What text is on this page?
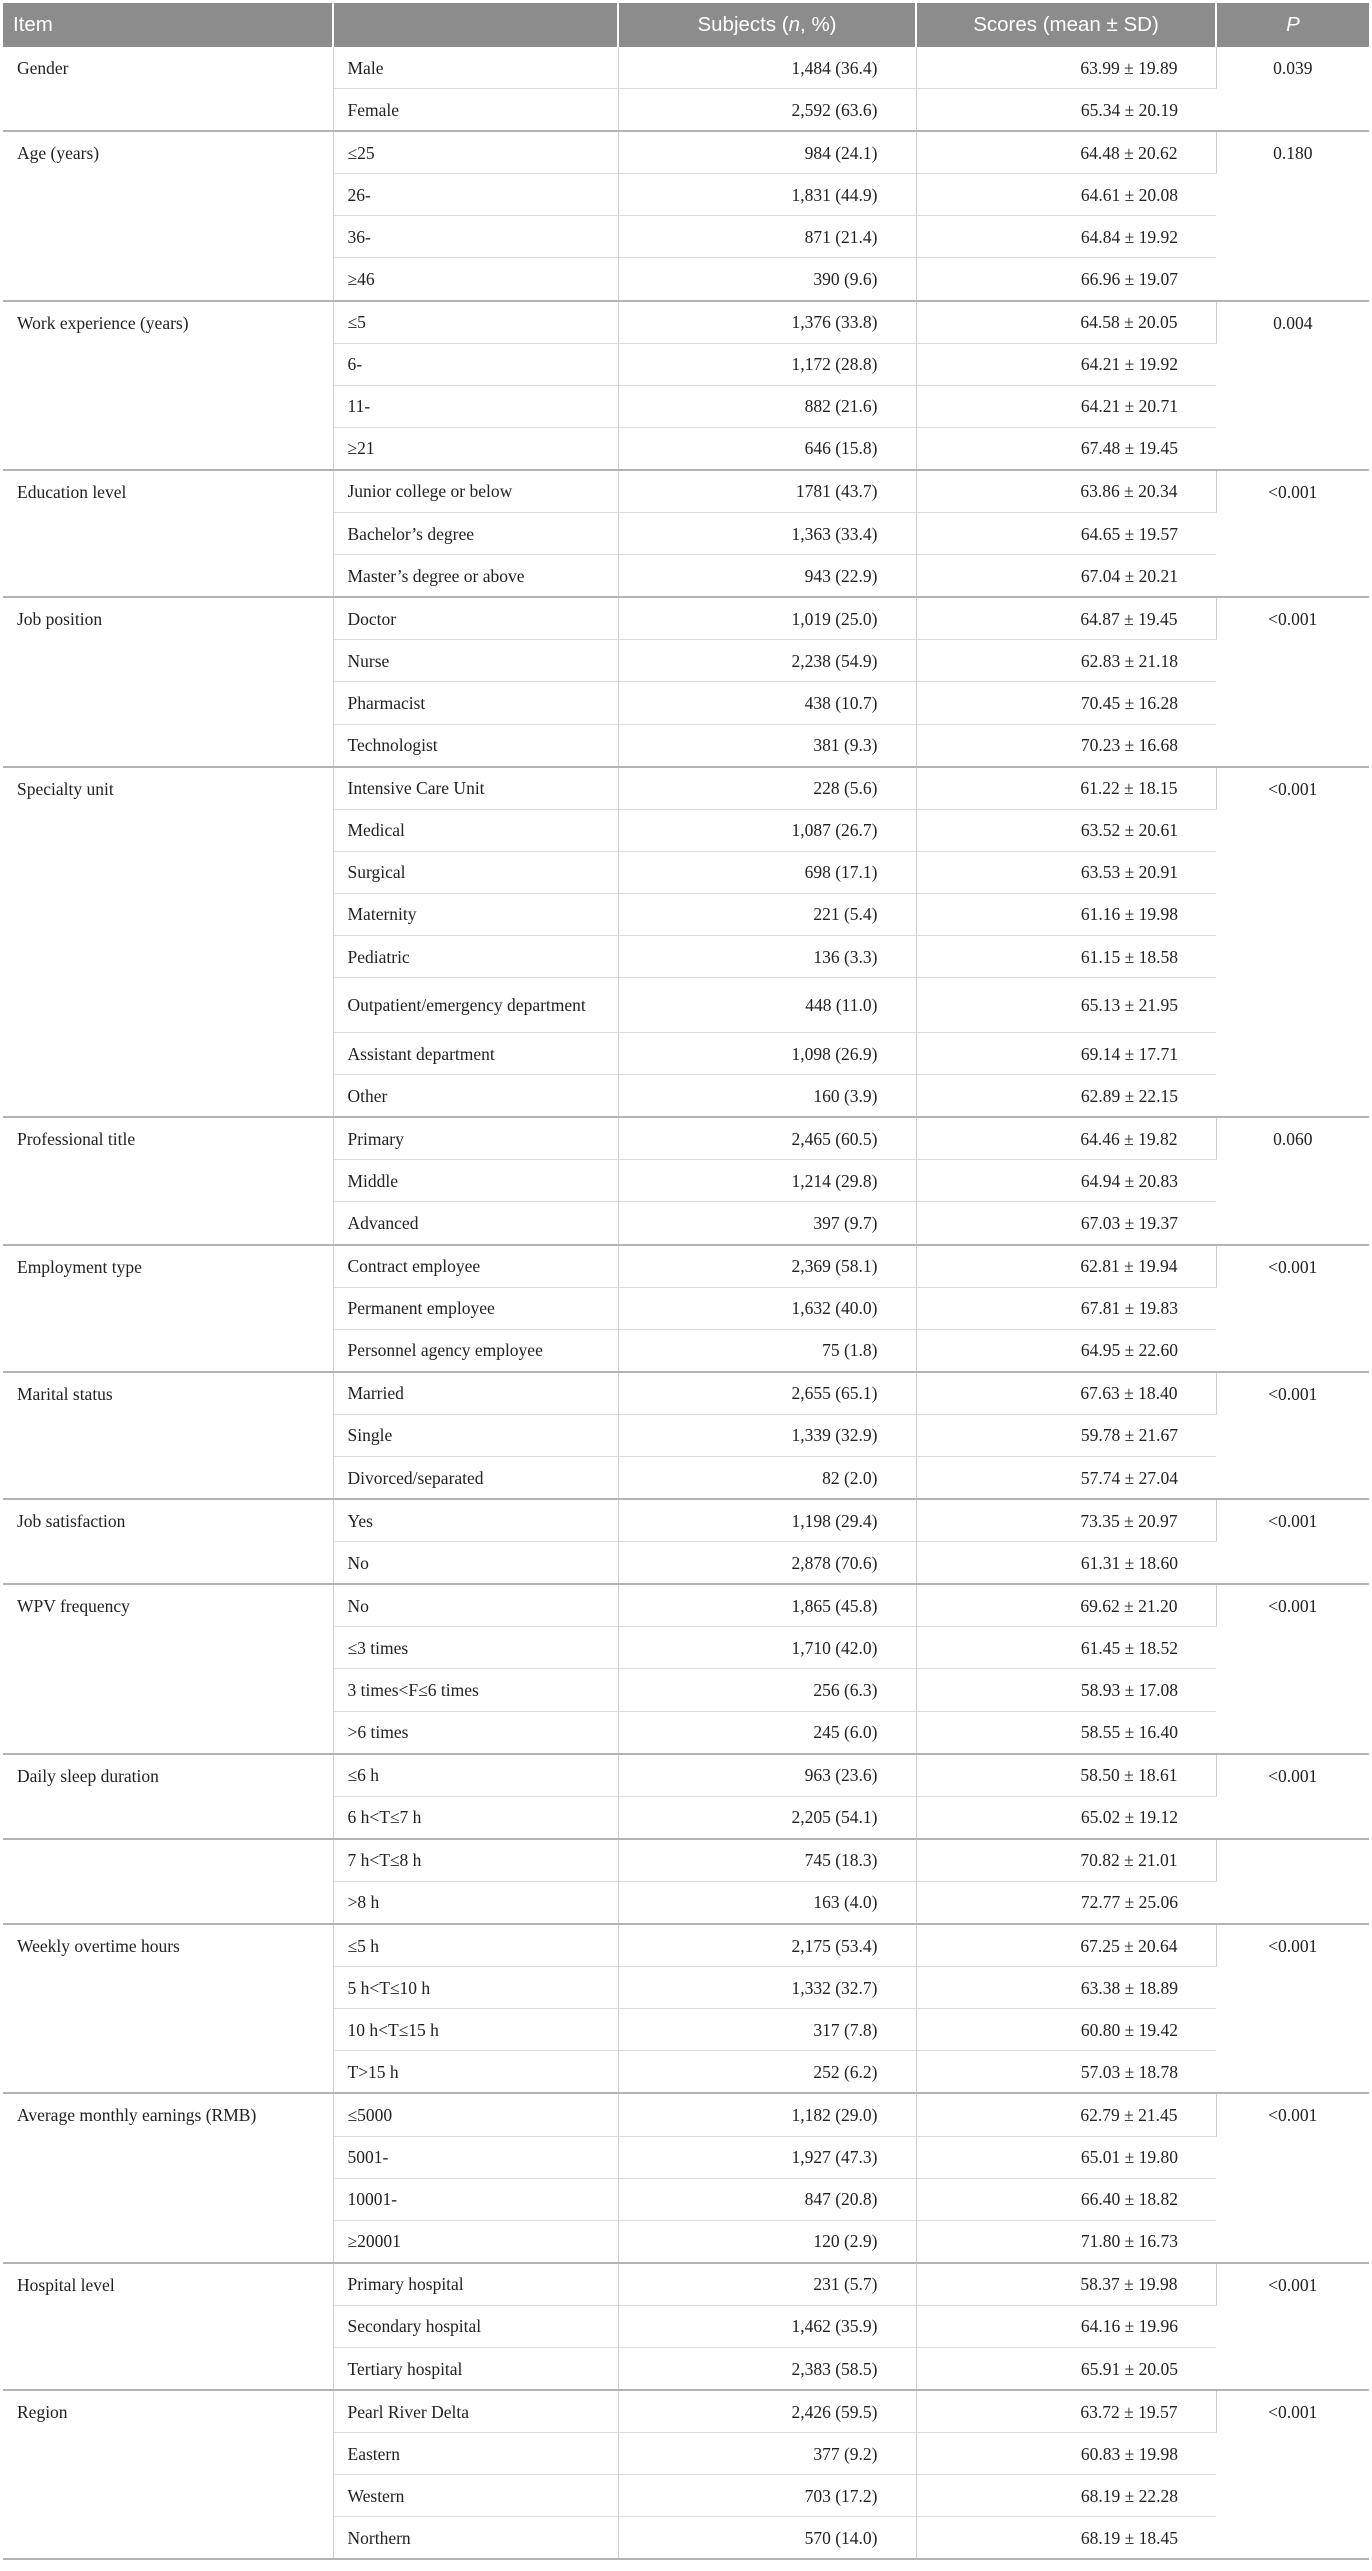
Item		Subjects (n, %)	Scores (mean ± SD)	P
Gender	Male	1,484 (36.4)	63.99 ± 19.89	0.039
	Female	2,592 (63.6)	65.34 ± 20.19	
Age (years)	≤25	984 (24.1)	64.48 ± 20.62	0.180
	26-	1,831 (44.9)	64.61 ± 20.08	
	36-	871 (21.4)	64.84 ± 19.92	
	≥46	390 (9.6)	66.96 ± 19.07	
Work experience (years)	≤5	1,376 (33.8)	64.58 ± 20.05	0.004
	6-	1,172 (28.8)	64.21 ± 19.92	
	11-	882 (21.6)	64.21 ± 20.71	
	≥21	646 (15.8)	67.48 ± 19.45	
Education level	Junior college or below	1781 (43.7)	63.86 ± 20.34	<0.001
	Bachelor’s degree	1,363 (33.4)	64.65 ± 19.57	
	Master’s degree or above	943 (22.9)	67.04 ± 20.21	
Job position	Doctor	1,019 (25.0)	64.87 ± 19.45	<0.001
	Nurse	2,238 (54.9)	62.83 ± 21.18	
	Pharmacist	438 (10.7)	70.45 ± 16.28	
	Technologist	381 (9.3)	70.23 ± 16.68	
Specialty unit	Intensive Care Unit	228 (5.6)	61.22 ± 18.15	<0.001
	Medical	1,087 (26.7)	63.52 ± 20.61	
	Surgical	698 (17.1)	63.53 ± 20.91	
	Maternity	221 (5.4)	61.16 ± 19.98	
	Pediatric	136 (3.3)	61.15 ± 18.58	
	Outpatient/emergency department	448 (11.0)	65.13 ± 21.95	
	Assistant department	1,098 (26.9)	69.14 ± 17.71	
	Other	160 (3.9)	62.89 ± 22.15	
Professional title	Primary	2,465 (60.5)	64.46 ± 19.82	0.060
	Middle	1,214 (29.8)	64.94 ± 20.83	
	Advanced	397 (9.7)	67.03 ± 19.37	
Employment type	Contract employee	2,369 (58.1)	62.81 ± 19.94	<0.001
	Permanent employee	1,632 (40.0)	67.81 ± 19.83	
	Personnel agency employee	75 (1.8)	64.95 ± 22.60	
Marital status	Married	2,655 (65.1)	67.63 ± 18.40	<0.001
	Single	1,339 (32.9)	59.78 ± 21.67	
	Divorced/separated	82 (2.0)	57.74 ± 27.04	
Job satisfaction	Yes	1,198 (29.4)	73.35 ± 20.97	<0.001
	No	2,878 (70.6)	61.31 ± 18.60	
WPV frequency	No	1,865 (45.8)	69.62 ± 21.20	<0.001
	≤3 times	1,710 (42.0)	61.45 ± 18.52	
	3 times<F≤6 times	256 (6.3)	58.93 ± 17.08	
	>6 times	245 (6.0)	58.55 ± 16.40	
Daily sleep duration	≤6 h	963 (23.6)	58.50 ± 18.61	<0.001
	6 h<T≤7 h	2,205 (54.1)	65.02 ± 19.12	
	7 h<T≤8 h	745 (18.3)	70.82 ± 21.01	
	>8 h	163 (4.0)	72.77 ± 25.06	
Weekly overtime hours	≤5 h	2,175 (53.4)	67.25 ± 20.64	<0.001
	5 h<T≤10 h	1,332 (32.7)	63.38 ± 18.89	
	10 h<T≤15 h	317 (7.8)	60.80 ± 19.42	
	T>15 h	252 (6.2)	57.03 ± 18.78	
Average monthly earnings (RMB)	≤5000	1,182 (29.0)	62.79 ± 21.45	<0.001
	5001-	1,927 (47.3)	65.01 ± 19.80	
	10001-	847 (20.8)	66.40 ± 18.82	
	≥20001	120 (2.9)	71.80 ± 16.73	
Hospital level	Primary hospital	231 (5.7)	58.37 ± 19.98	<0.001
	Secondary hospital	1,462 (35.9)	64.16 ± 19.96	
	Tertiary hospital	2,383 (58.5)	65.91 ± 20.05	
Region	Pearl River Delta	2,426 (59.5)	63.72 ± 19.57	<0.001
	Eastern	377 (9.2)	60.83 ± 19.98	
	Western	703 (17.2)	68.19 ± 22.28	
	Northern	570 (14.0)	68.19 ± 18.45	
